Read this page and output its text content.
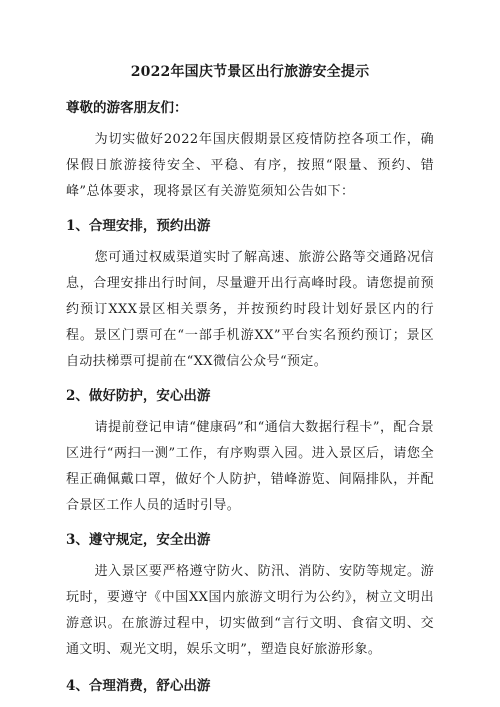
2022年国庆节景区出行旅游安全提示
尊敬的游客朋友们：

为切实做好2022年国庆假期景区疫情防控各项工作，确保假日旅游接待安全、平稳、有序，按照“限量、预约、错峰”总体要求，现将景区有关游览须知公告如下：

1、合理安排，预约出游

您可通过权威渠道实时了解高速、旅游公路等交通路况信息，合理安排出行时间，尽量避开出行高峰时段。请您提前预约预订XXX景区相关票务，并按预约时段计划好景区内的行程。景区门票可在“一部手机游XX”平台实名预约预订；景区自动扶梯票可提前在“XX微信公众号“预定。

2、做好防护，安心出游

请提前登记申请“健康码”和“通信大数据行程卡”，配合景区进行“两扫一测”工作，有序购票入园。进入景区后，请您全程正确佩戴口罩，做好个人防护，错峰游览、间隔排队，并配合景区工作人员的适时引导。

3、遵守规定，安全出游

进入景区要严格遵守防火、防汛、消防、安防等规定。游玩时，要遵守《中国XX国内旅游文明行为公约》，树立文明出游意识。在旅游过程中，切实做到“言行文明、食宿文明、交通文明、观光文明，娱乐文明”，塑造良好旅游形象。

4、合理消费，舒心出游
